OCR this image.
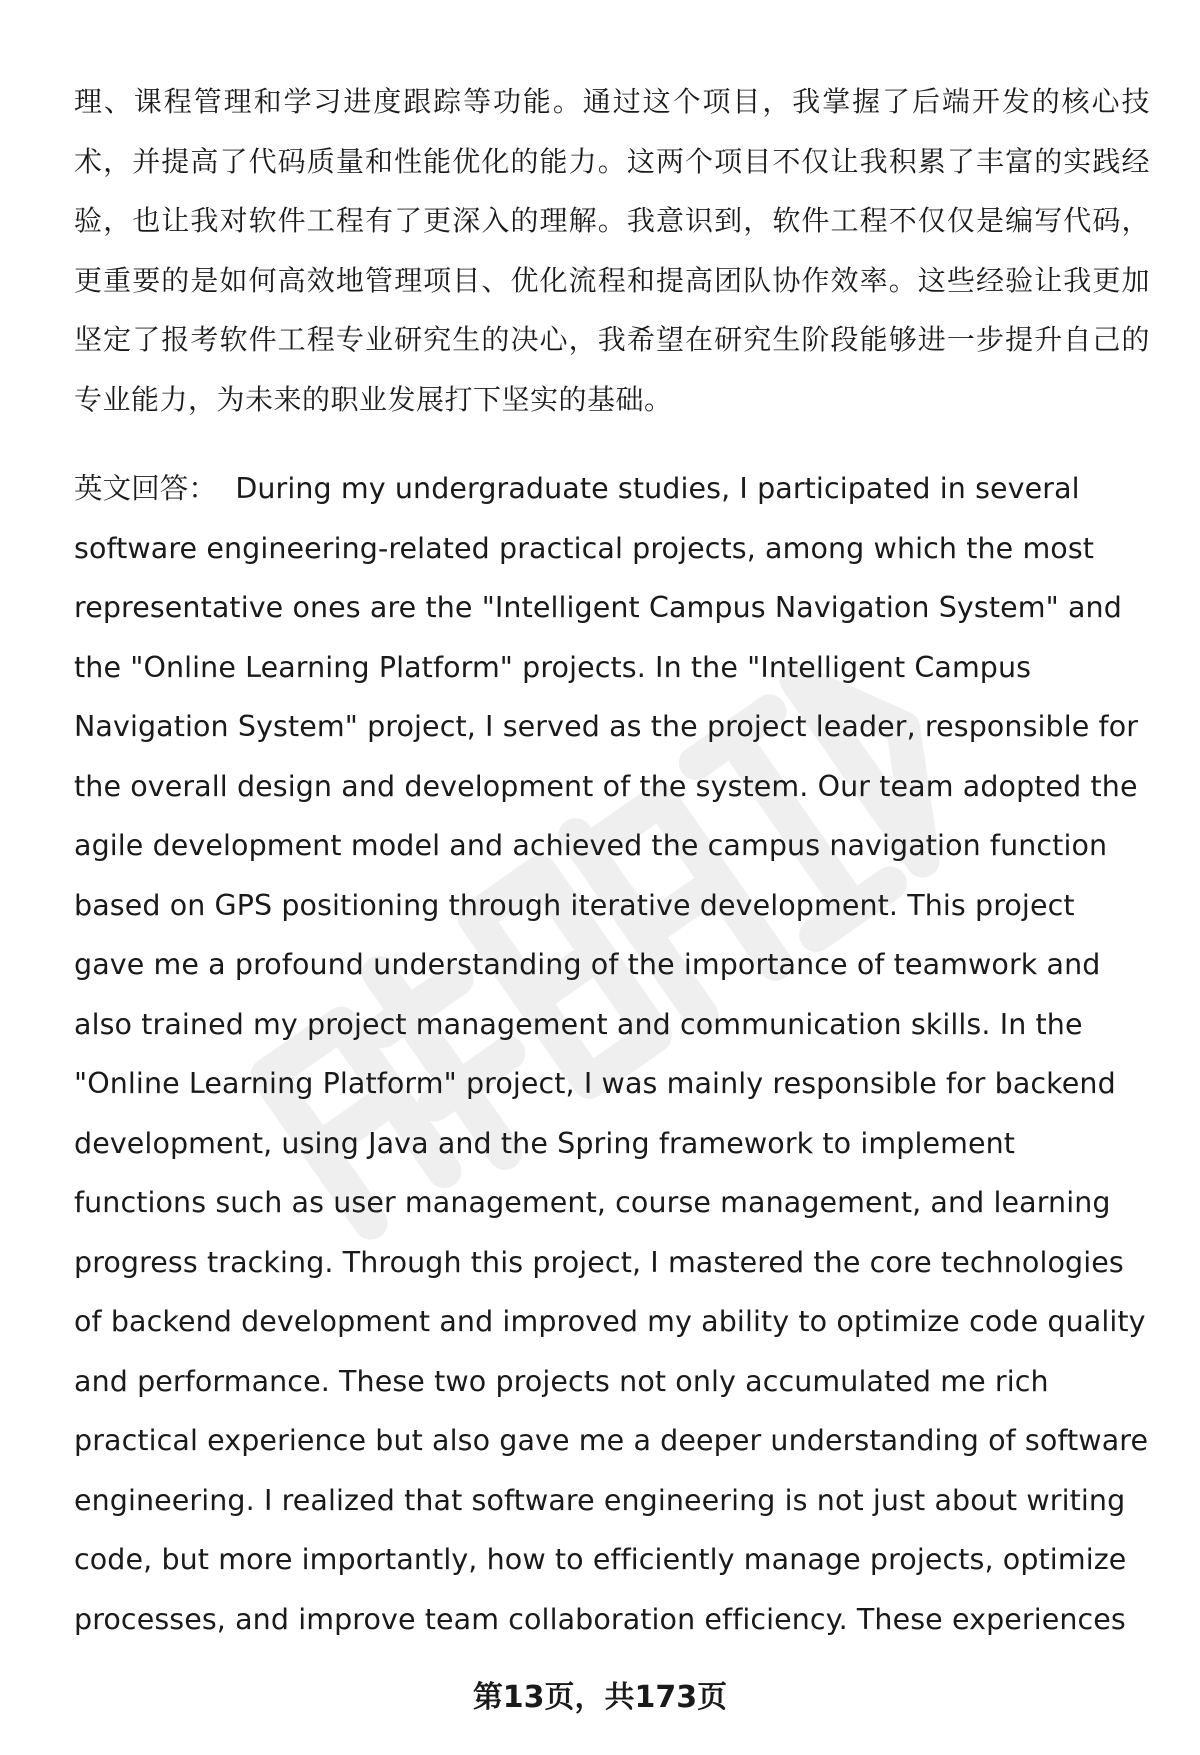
理、课程管理和学习进度跟踪等功能。通过这个项目，我掌握了后端开发的核心技术，并提高了代码质量和性能优化的能力。这两个项目不仅让我积累了丰富的实践经验，也让我对软件工程有了更深入的理解。我意识到，软件工程不仅仅是编写代码，更重要的是如何高效地管理项目、优化流程和提高团队协作效率。这些经验让我更加坚定了报考软件工程专业研究生的决心，我希望在研究生阶段能够进一步提升自己的专业能力，为未来的职业发展打下坚实的基础。

英文回答： During my undergraduate studies, I participated in several software engineering-related practical projects, among which the most representative ones are the "Intelligent Campus Navigation System" and the "Online Learning Platform" projects. In the "Intelligent Campus Navigation System" project, I served as the project leader, responsible for the overall design and development of the system. Our team adopted the agile development model and achieved the campus navigation function based on GPS positioning through iterative development. This project gave me a profound understanding of the importance of teamwork and also trained my project management and communication skills. In the "Online Learning Platform" project, I was mainly responsible for backend development, using Java and the Spring framework to implement functions such as user management, course management, and learning progress tracking. Through this project, I mastered the core technologies of backend development and improved my ability to optimize code quality and performance. These two projects not only accumulated me rich practical experience but also gave me a deeper understanding of software engineering. I realized that software engineering is not just about writing code, but more importantly, how to efficiently manage projects, optimize processes, and improve team collaboration efficiency. These experiences

第13页，共173页
